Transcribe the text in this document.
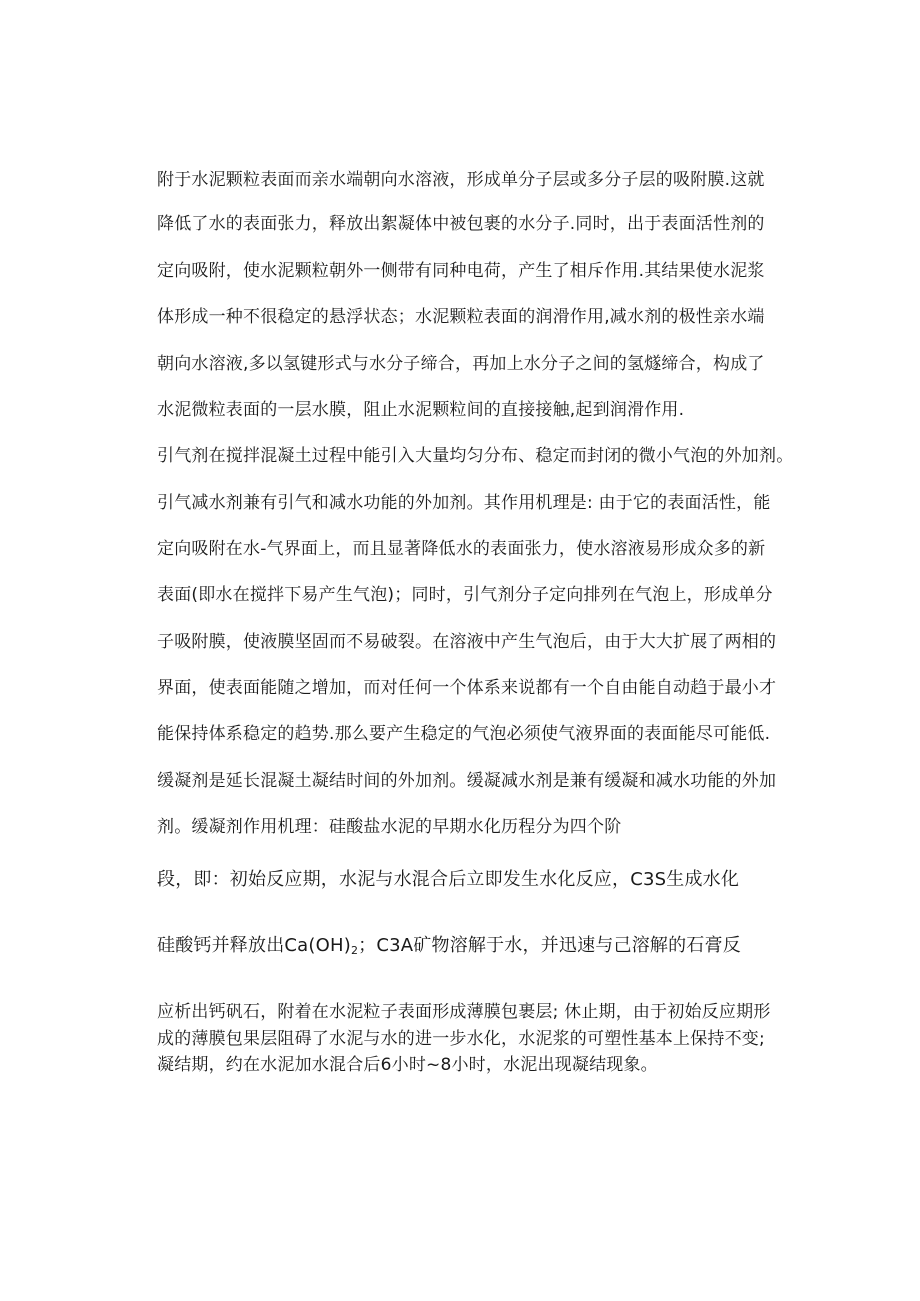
附于水泥颗粒表面而亲水端朝向水溶液，形成单分子层或多分子层的吸附膜.这就
降低了水的表面张力，释放出絮凝体中被包裹的水分子.同时，出于表面活性剂的
定向吸附，使水泥颗粒朝外一侧带有同种电荷，产生了相斥作用.其结果使水泥浆
体形成一种不很稳定的悬浮状态；水泥颗粒表面的润滑作用,减水剂的极性亲水端
朝向水溶液,多以氢键形式与水分子缔合，再加上水分子之间的氢燧缔合，构成了
水泥微粒表面的一层水膜，阻止水泥颗粒间的直接接触,起到润滑作用.
引气剂在搅拌混凝土过程中能引入大量均匀分布、稳定而封闭的微小气泡的外加剂。
引气减水剂兼有引气和减水功能的外加剂。其作用机理是: 由于它的表面活性，能
定向吸附在水-气界面上，而且显著降低水的表面张力，使水溶液易形成众多的新
表面(即水在搅拌下易产生气泡)；同时，引气剂分子定向排列在气泡上，形成单分
子吸附膜，使液膜坚固而不易破裂。在溶液中产生气泡后，由于大大扩展了两相的
界面，使表面能随之增加，而对任何一个体系来说都有一个自由能自动趋于最小才
能保持体系稳定的趋势.那么要产生稳定的气泡必须使气液界面的表面能尽可能低.
缓凝剂是延长混凝土凝结时间的外加剂。缓凝减水剂是兼有缓凝和减水功能的外加
剂。缓凝剂作用机理：硅酸盐水泥的早期水化历程分为四个阶
段，即：初始反应期，水泥与水混合后立即发生水化反应，C3S生成水化
硅酸钙并释放出$Ca(OH)_2$；C3A矿物溶解于水，并迅速与己溶解的石膏反
应析出钙矾石，附着在水泥粒子表面形成薄膜包裹层; 休止期，由于初始反应期形
成的薄膜包果层阻碍了水泥与水的进一步水化，水泥浆的可塑性基本上保持不变;
凝结期，约在水泥加水混合后6小时~8小时，水泥出现凝结现象。
